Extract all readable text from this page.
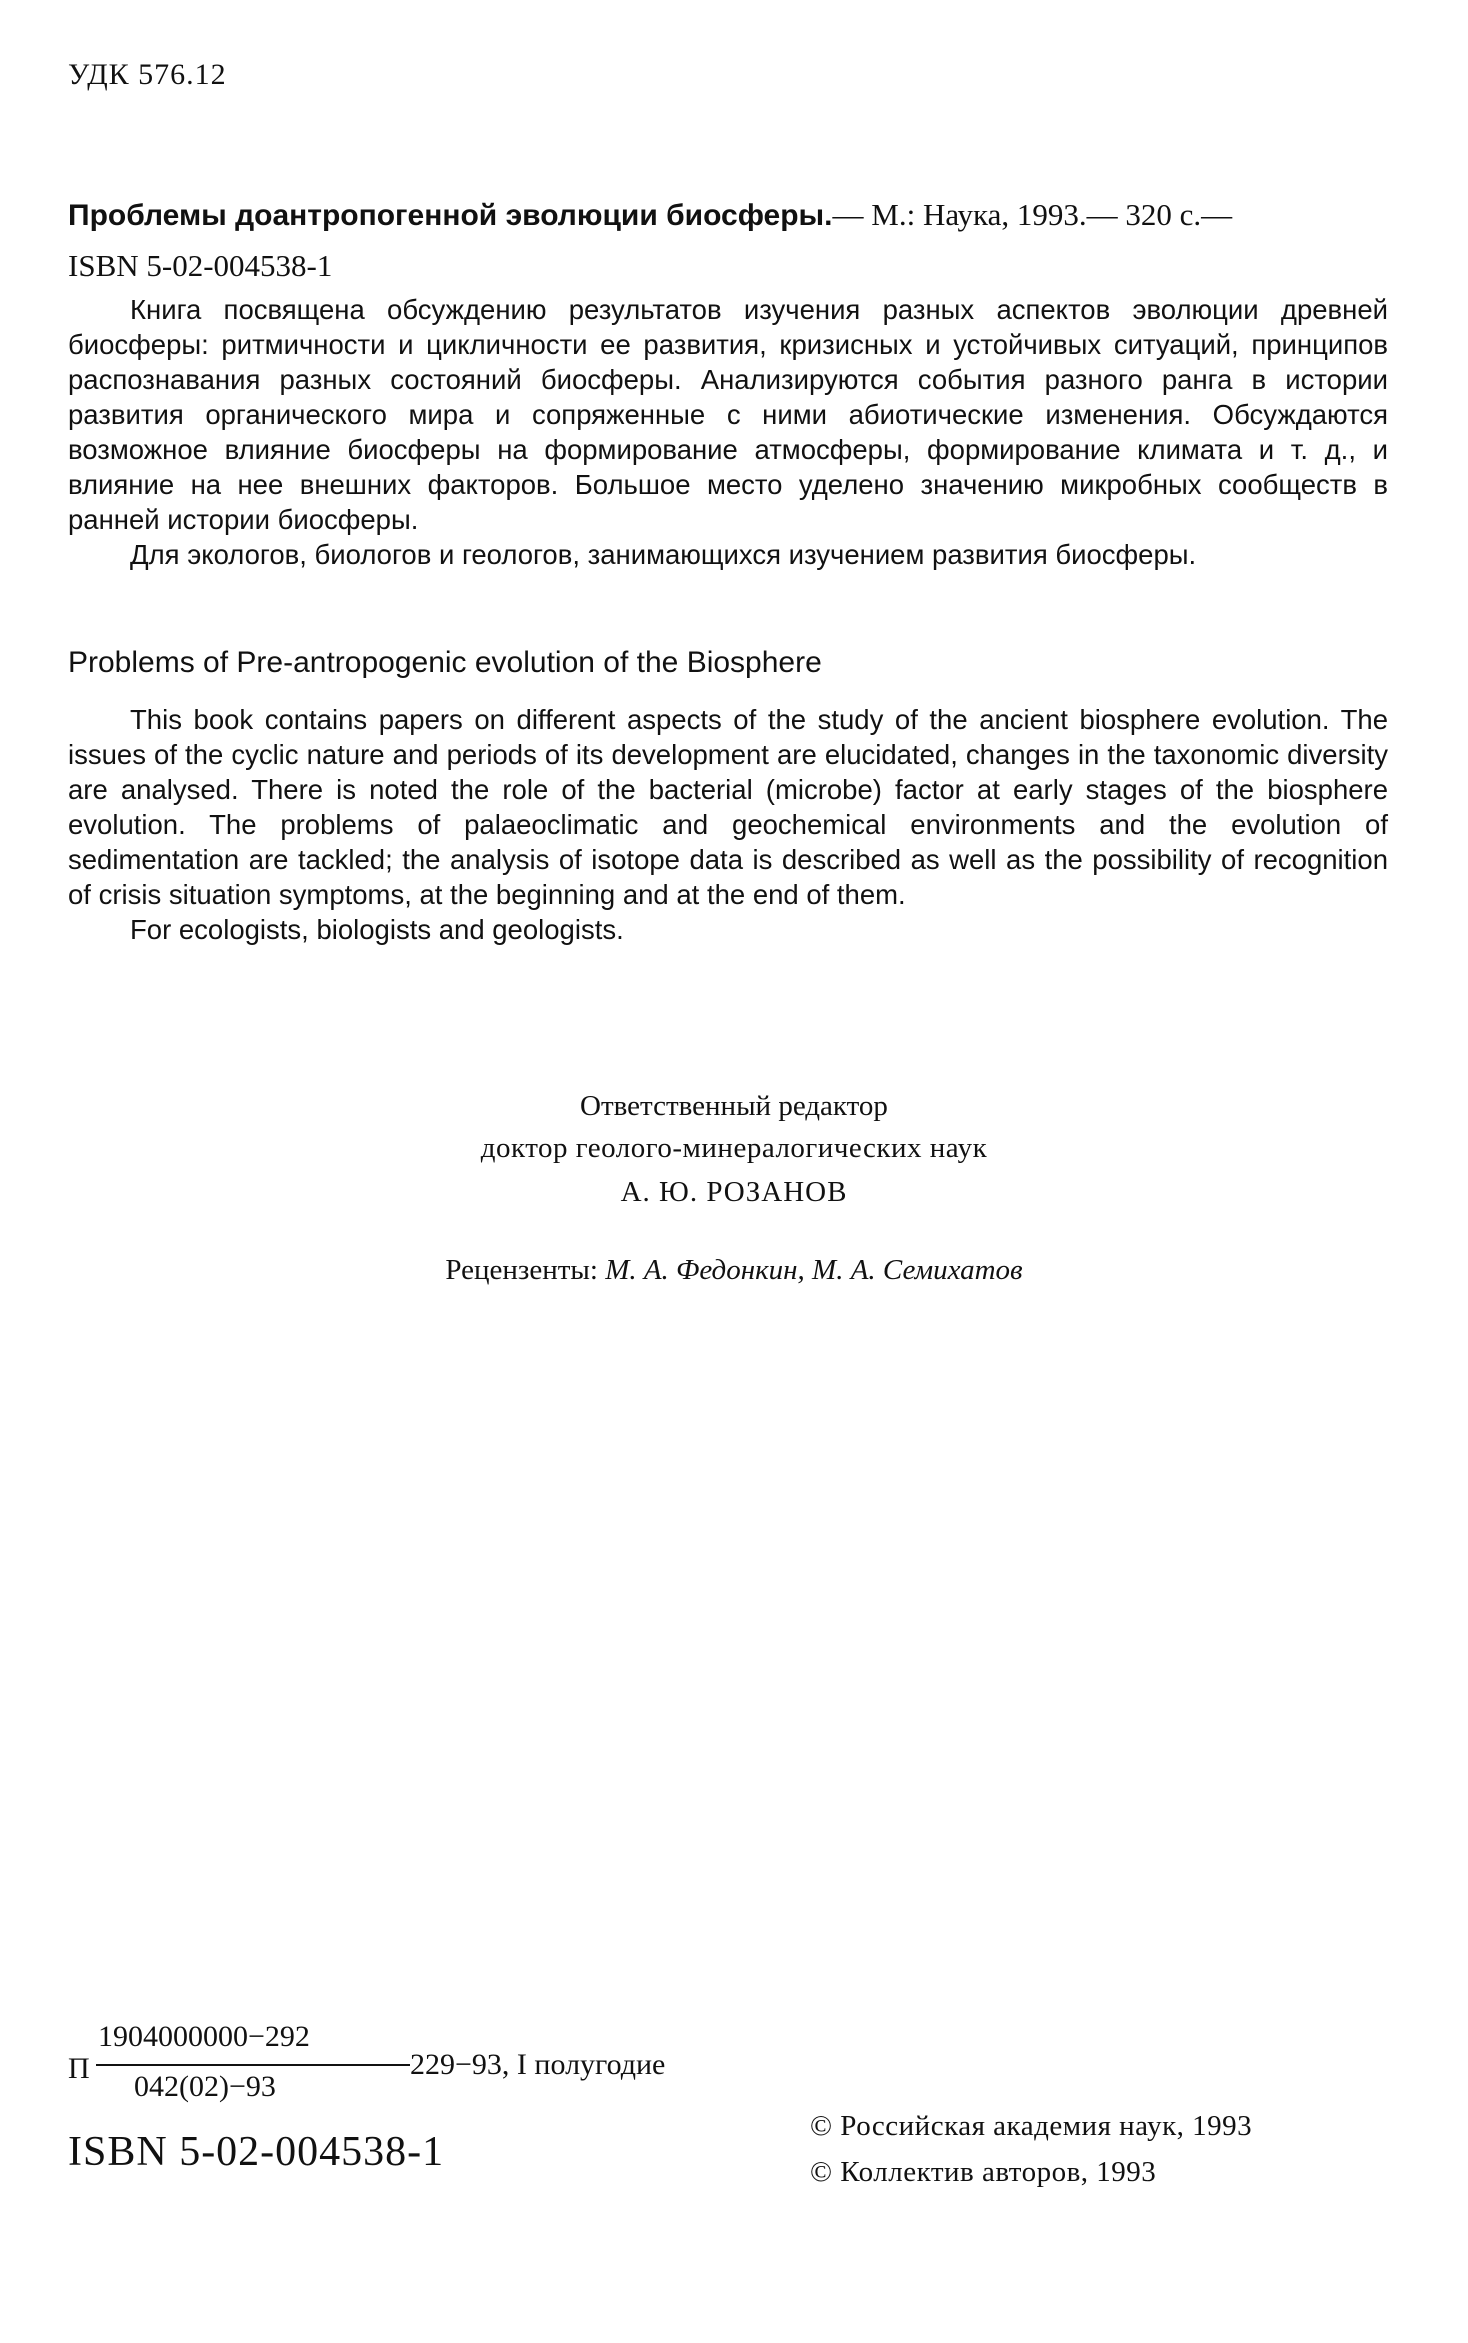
УДК 576.12
Проблемы доантропогенной эволюции биосферы.— М.: Наука, 1993.— 320 с.—
ISBN 5-02-004538-1

Книга посвящена обсуждению результатов изучения разных аспектов эволюции древней биосферы: ритмичности и цикличности ее развития, кризисных и устойчивых ситуаций, принципов распознавания разных состояний биосферы. Анализируются события разного ранга в истории развития органического мира и сопряженные с ними абиотические изменения. Обсуждаются возможное влияние биосферы на формирование атмосферы, формирование климата и т. д., и влияние на нее внешних факторов. Большое место уделено значению микробных сообществ в ранней истории биосферы.

Для экологов, биологов и геологов, занимающихся изучением развития биосферы.

Problems of Pre-antropogenic evolution of the Biosphere

This book contains papers on different aspects of the study of the ancient biosphere evolution. The issues of the cyclic nature and periods of its development are elucidated, changes in the taxonomic diversity are analysed. There is noted the role of the bacterial (microbe) factor at early stages of the biosphere evolution. The problems of palaeoclimatic and geochemical environments and the evolution of sedimentation are tackled; the analysis of isotope data is described as well as the possibility of recognition of crisis situation symptoms, at the beginning and at the end of them.

For ecologists, biologists and geologists.

Ответственный редактор
доктор геолого-минералогических наук
А. Ю. РОЗАНОВ
Рецензенты: М. А. Федонкин, М. А. Семихатов
П
1904000000−292
042(02)−93
229−93, I полугодие
ISBN 5-02-004538-1
© Российская академия наук, 1993
© Коллектив авторов, 1993
